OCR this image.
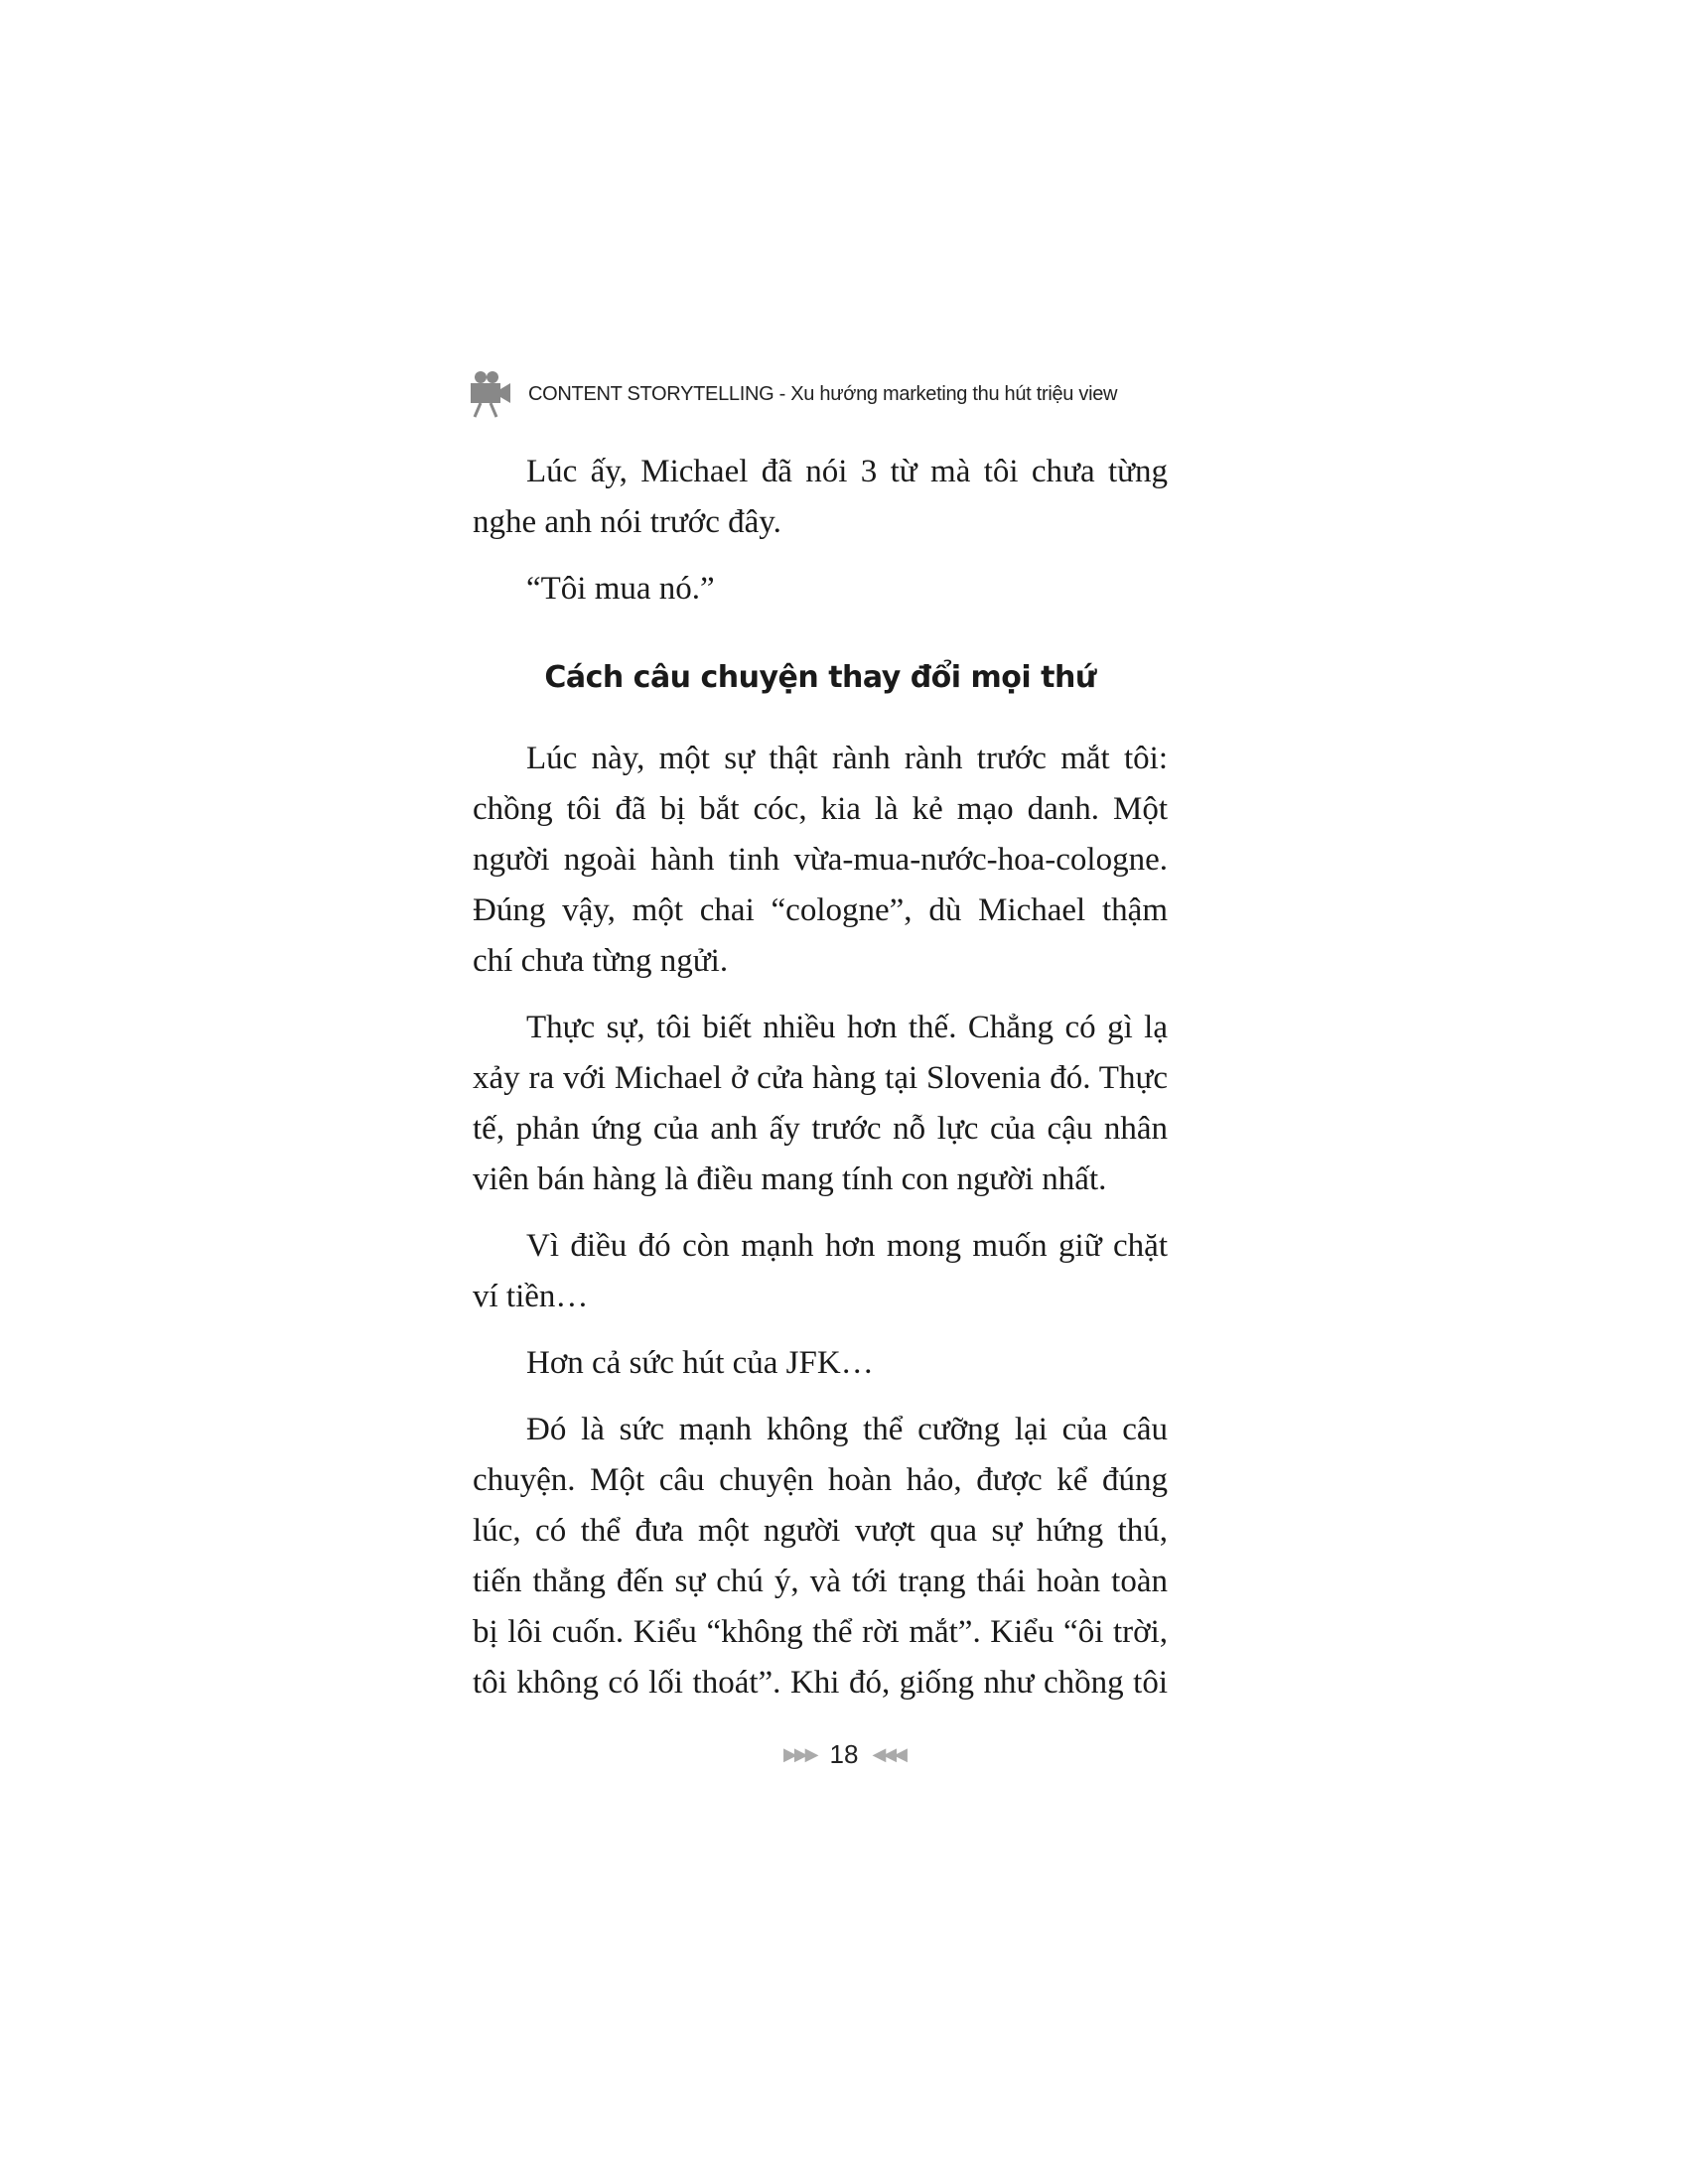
CONTENT STORYTELLING - Xu hướng marketing thu hút triệu view
Lúc ấy, Michael đã nói 3 từ mà tôi chưa từng
nghe anh nói trước đây.
“Tôi mua nó.”
Cách câu chuyện thay đổi mọi thứ
Lúc này, một sự thật rành rành trước mắt tôi:
chồng tôi đã bị bắt cóc, kia là kẻ mạo danh. Một
người ngoài hành tinh vừa-mua-nước-hoa-cologne.
Đúng vậy, một chai “cologne”, dù Michael thậm
chí chưa từng ngửi.
Thực sự, tôi biết nhiều hơn thế. Chẳng có gì lạ
xảy ra với Michael ở cửa hàng tại Slovenia đó. Thực
tế, phản ứng của anh ấy trước nỗ lực của cậu nhân
viên bán hàng là điều mang tính con người nhất.
Vì điều đó còn mạnh hơn mong muốn giữ chặt
ví tiền…
Hơn cả sức hút của JFK…
Đó là sức mạnh không thể cưỡng lại của câu
chuyện. Một câu chuyện hoàn hảo, được kể đúng
lúc, có thể đưa một người vượt qua sự hứng thú,
tiến thẳng đến sự chú ý, và tới trạng thái hoàn toàn
bị lôi cuốn. Kiểu “không thể rời mắt”. Kiểu “ôi trời,
tôi không có lối thoát”. Khi đó, giống như chồng tôi
▶▶▶ 18 ◀◀◀
